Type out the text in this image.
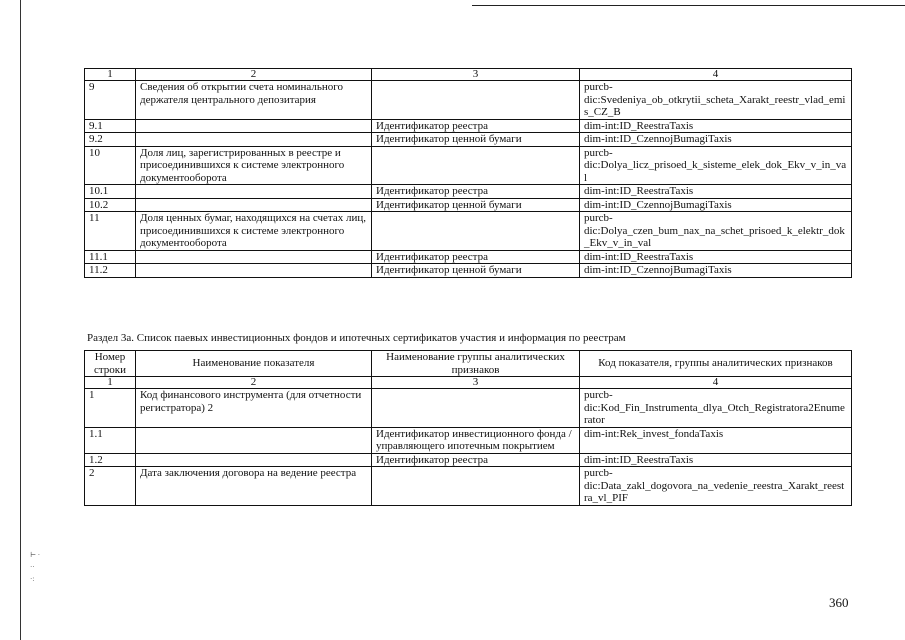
1	2	3	4
9	Сведения об открытии счета номинального держателя центрального депозитария		purcb-dic:Svedeniya_ob_otkrytii_scheta_Xarakt_reestr_vlad_emis_CZ_B
9.1		Идентификатор реестра	dim-int:ID_ReestraTaxis
9.2		Идентификатор ценной бумаги	dim-int:ID_CzennojBumagiTaxis
10	Доля лиц, зарегистрированных в реестре и присоединившихся к системе электронного документооборота		purcb-dic:Dolya_licz_prisoed_k_sisteme_elek_dok_Ekv_v_in_val
10.1		Идентификатор реестра	dim-int:ID_ReestraTaxis
10.2		Идентификатор ценной бумаги	dim-int:ID_CzennojBumagiTaxis
11	Доля ценных бумаг, находящихся на счетах лиц, присоединившихся к системе электронного документооборота		purcb-dic:Dolya_czen_bum_nax_na_schet_prisoed_k_elektr_dok_Ekv_v_in_val
11.1		Идентификатор реестра	dim-int:ID_ReestraTaxis
11.2		Идентификатор ценной бумаги	dim-int:ID_CzennojBumagiTaxis
Раздел 3а. Список паевых инвестиционных фондов и ипотечных сертификатов участия и информация по реестрам
Номер строки	Наименование показателя	Наименование группы аналитических признаков	Код показателя, группы аналитических признаков
1	2	3	4
1	Код финансового инструмента (для отчетности регистратора) 2		purcb-dic:Kod_Fin_Instrumenta_dlya_Otch_Registratora2Enumerator
1.1		Идентификатор инвестиционного фонда / управляющего ипотечным покрытием	dim-int:Rek_invest_fondaTaxis
1.2		Идентификатор реестра	dim-int:ID_ReestraTaxis
2	Дата заключения договора на ведение реестра		purcb-dic:Data_zakl_dogovora_na_vedenie_reestra_Xarakt_reestra_vl_PIF
⊢ ·
··
·:
360
